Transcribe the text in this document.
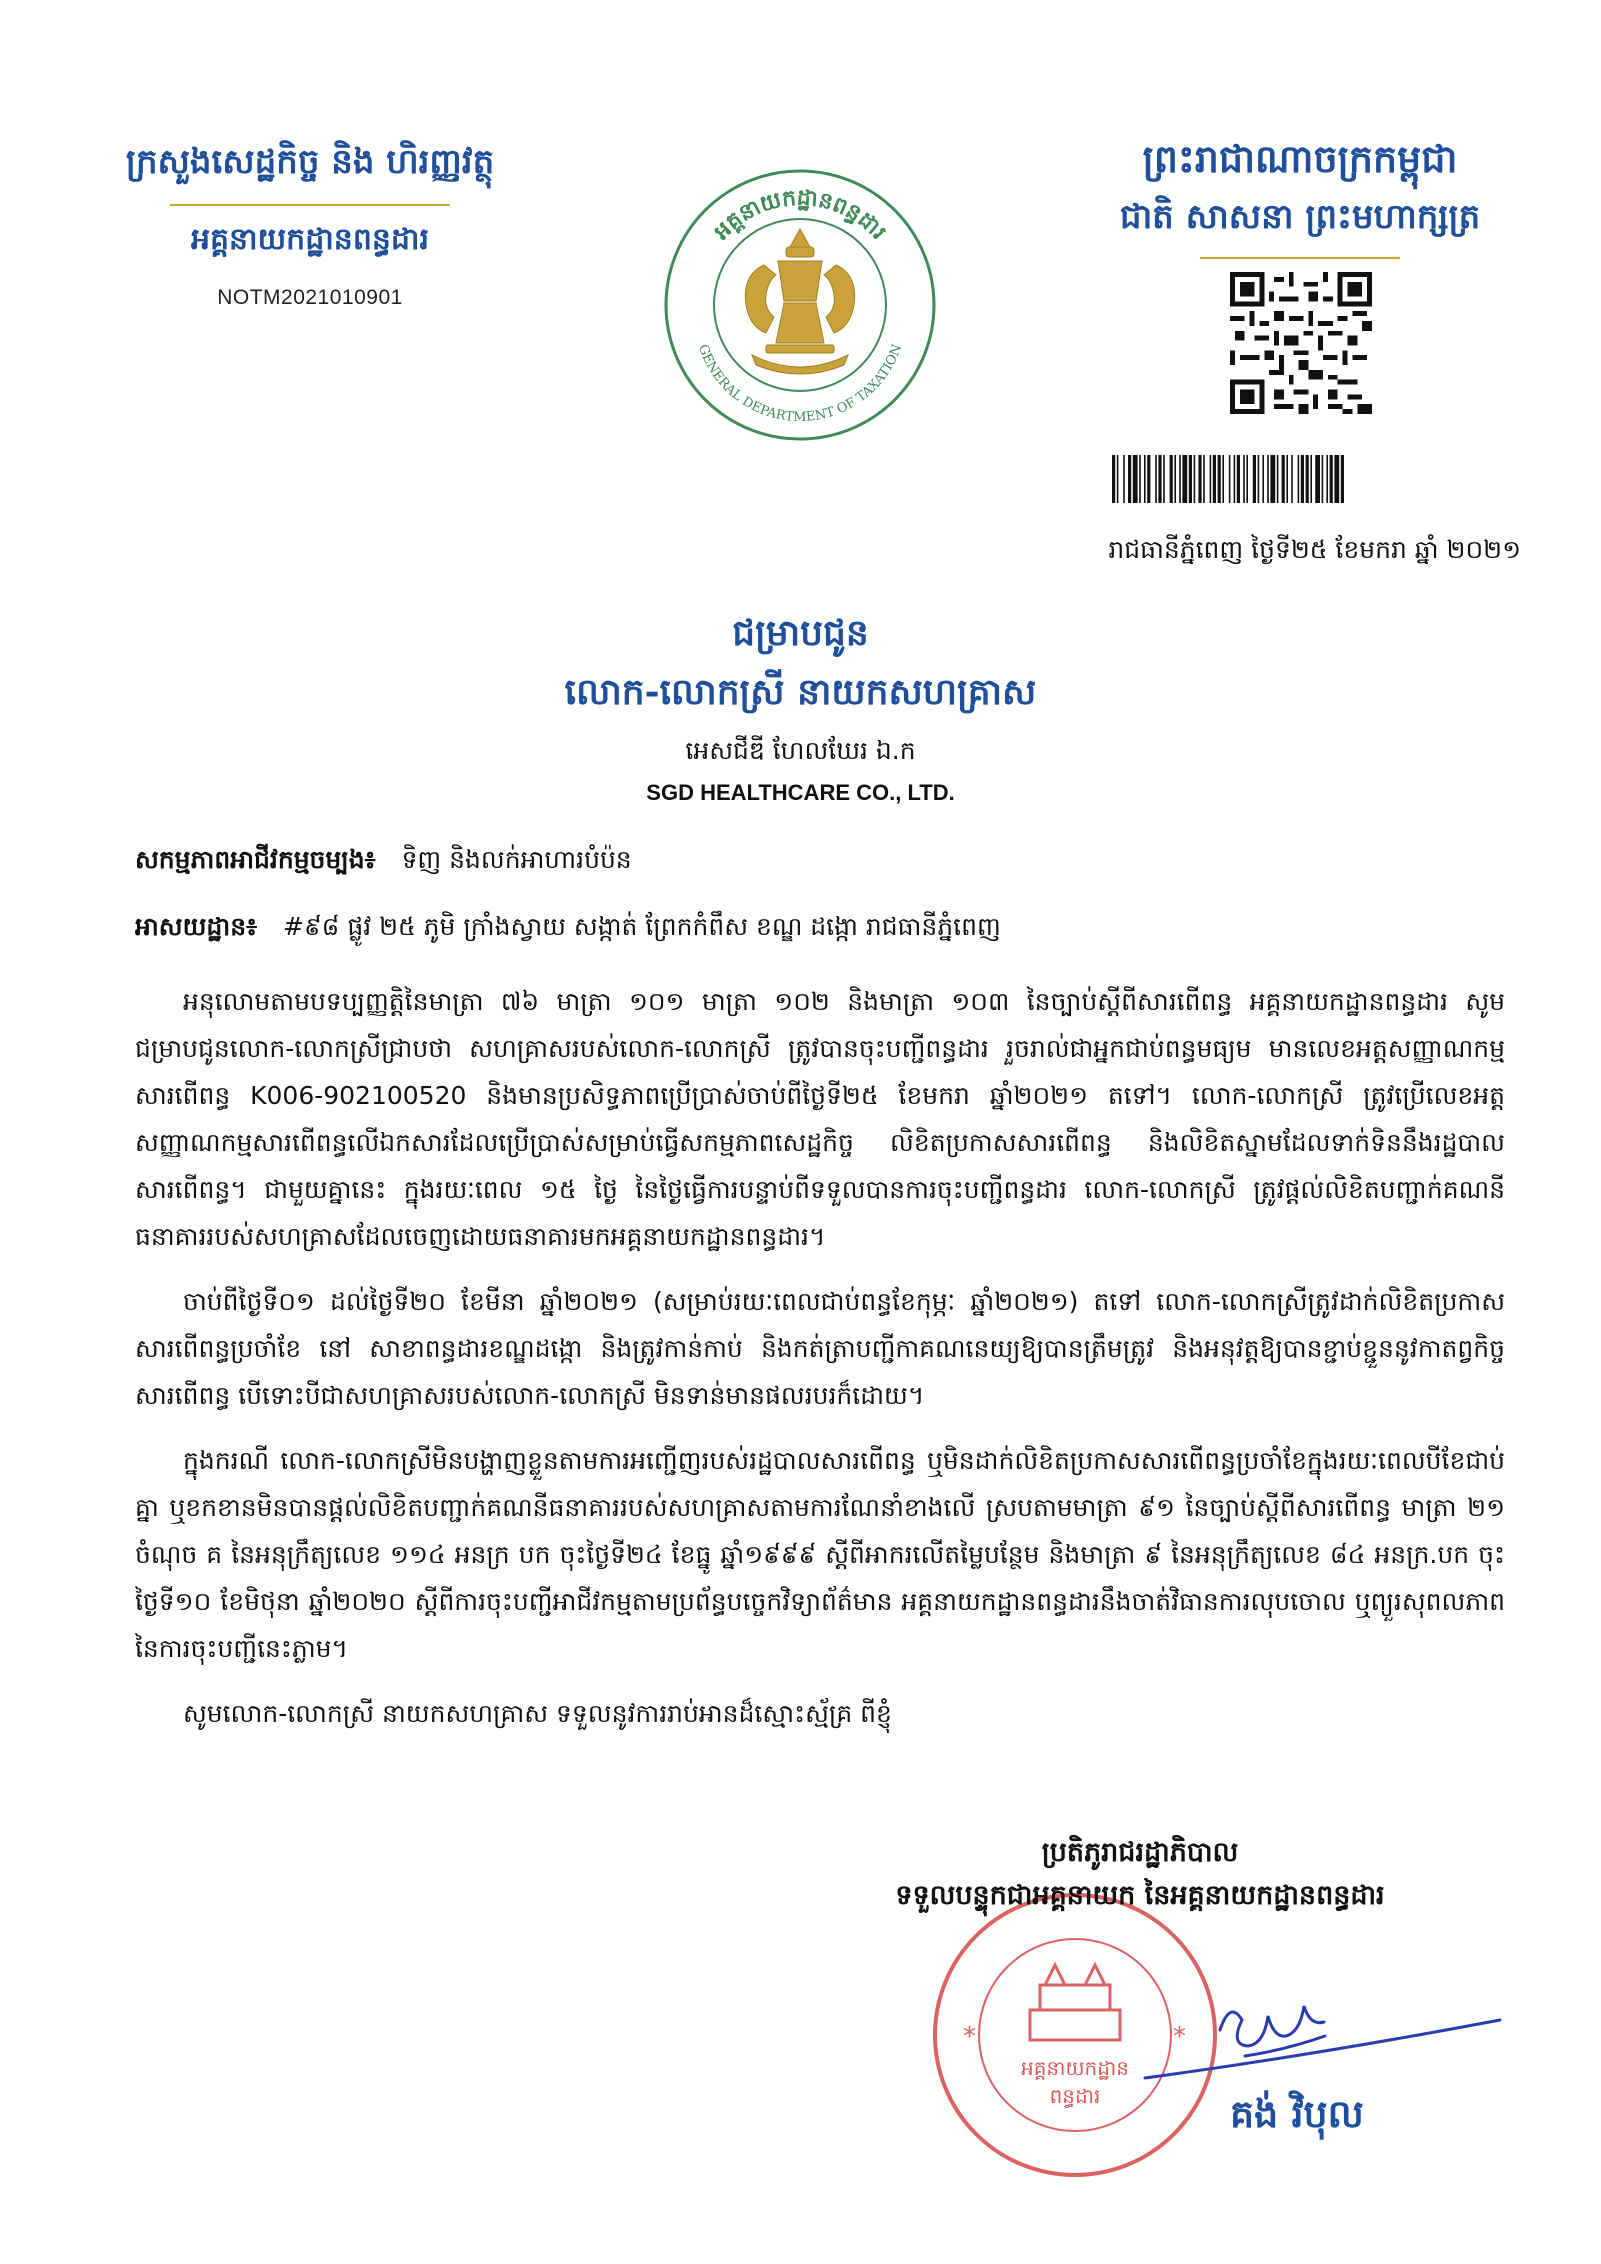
ក្រសួងសេដ្ឋកិច្ច និង ហិរញ្ញវត្ថុ
អគ្គនាយកដ្ឋានពន្ធដារ
NOTM2021010901
អគ្គនាយកដ្ឋានពន្ធដារ
GENERAL DEPARTMENT OF TAXATION
ព្រះរាជាណាចក្រកម្ពុជា
ជាតិ សាសនា ព្រះមហាក្សត្រ
រាជធានីភ្នំពេញ ថ្ងៃទី២៥ ខែមករា ឆ្នាំ ២០២១
ជម្រាបជូន
លោក-លោកស្រី នាយកសហគ្រាស
អេសជីឌី ហែលឃែរ ឯ.ក
SGD HEALTHCARE CO., LTD.
សកម្មភាពអាជីវកម្មចម្បង៖ ទិញ និងលក់អាហារបំប៉ន
អាសយដ្ឋាន៖ #៩៨ ផ្លូវ ២៥ ភូមិ ក្រាំងស្វាយ សង្កាត់ ព្រែកកំពឹស ខណ្ឌ ដង្កោ រាជធានីភ្នំពេញ

អនុលោមតាមបទប្បញ្ញត្តិនៃមាត្រា ៧៦ មាត្រា ១០១ មាត្រា ១០២ និងមាត្រា ១០៣ នៃច្បាប់ស្តីពីសារពើពន្ធ អគ្គនាយកដ្ឋានពន្ធដារ សូមជម្រាបជូនលោក-លោកស្រីជ្រាបថា សហគ្រាសរបស់លោក-លោកស្រី ត្រូវបានចុះបញ្ជីពន្ធដារ រួចរាល់ជាអ្នកជាប់ពន្ធមធ្យម មានលេខអត្តសញ្ញាណកម្មសារពើពន្ធ K006-902100520 និងមានប្រសិទ្ធភាពប្រើប្រាស់ចាប់ពីថ្ងៃទី២៥ ខែមករា ឆ្នាំ២០២១ តទៅ។ លោក-លោកស្រី ត្រូវប្រើលេខអត្តសញ្ញាណកម្មសារពើពន្ធលើឯកសារដែលប្រើប្រាស់សម្រាប់ធ្វើសកម្មភាពសេដ្ឋកិច្ច លិខិតប្រកាសសារពើពន្ធ និងលិខិតស្នាមដែលទាក់ទិននឹងរដ្ឋបាលសារពើពន្ធ។ ជាមួយគ្នានេះ ក្នុងរយៈពេល ១៥ ថ្ងៃ នៃថ្ងៃធ្វើការបន្ទាប់ពីទទួលបានការចុះបញ្ជីពន្ធដារ លោក-លោកស្រី ត្រូវផ្តល់លិខិតបញ្ជាក់គណនីធនាគាររបស់សហគ្រាសដែលចេញដោយធនាគារមកអគ្គនាយកដ្ឋានពន្ធដារ។

ចាប់ពីថ្ងៃទី០១ ដល់ថ្ងៃទី២០ ខែមីនា ឆ្នាំ២០២១ (សម្រាប់រយៈពេលជាប់ពន្ធខែកុម្ភៈ ឆ្នាំ២០២១) តទៅ លោក-លោកស្រីត្រូវដាក់លិខិតប្រកាសសារពើពន្ធប្រចាំខែ នៅ សាខាពន្ធដារខណ្ឌដង្កោ និងត្រូវកាន់កាប់ និងកត់ត្រាបញ្ជីកាគណនេយ្យឱ្យបានត្រឹមត្រូវ និងអនុវត្តឱ្យបានខ្ជាប់ខ្ជួននូវកាតព្វកិច្ចសារពើពន្ធ បើទោះបីជាសហគ្រាសរបស់លោក-លោកស្រី មិនទាន់មានផលរបរក៏ដោយ។

ក្នុងករណី លោក-លោកស្រីមិនបង្ហាញខ្លួនតាមការអញ្ជើញរបស់រដ្ឋបាលសារពើពន្ធ ឬមិនដាក់លិខិតប្រកាសសារពើពន្ធប្រចាំខែក្នុងរយៈពេលបីខែជាប់គ្នា ឬខកខានមិនបានផ្តល់លិខិតបញ្ជាក់គណនីធនាគាររបស់សហគ្រាសតាមការណែនាំខាងលើ ស្របតាមមាត្រា ៩១ នៃច្បាប់ស្តីពីសារពើពន្ធ មាត្រា ២១ ចំណុច គ នៃអនុក្រឹត្យលេខ ១១៤ អនក្រ បក ចុះថ្ងៃទី២៤ ខែធ្នូ ឆ្នាំ១៩៩៩ ស្តីពីអាករលើតម្លៃបន្ថែម និងមាត្រា ៩ នៃអនុក្រឹត្យលេខ ៨៤ អនក្រ.បក ចុះថ្ងៃទី១០ ខែមិថុនា ឆ្នាំ២០២០ ស្តីពីការចុះបញ្ជីអាជីវកម្មតាមប្រព័ន្ធបច្ចេកវិទ្យាព័ត៌មាន អគ្គនាយកដ្ឋានពន្ធដារនឹងចាត់វិធានការលុបចោល ឬព្យួរសុពលភាពនៃការចុះបញ្ជីនេះភ្លាម។

សូមលោក-លោកស្រី នាយកសហគ្រាស ទទួលនូវការរាប់អានដ៏ស្មោះស្ម័គ្រ ពីខ្ញុំ

អគ្គនាយកដ្ឋាន
ពន្ធដារ
*	*
ប្រតិភូរាជរដ្ឋាភិបាល
ទទួលបន្ទុកជាអគ្គនាយក នៃអគ្គនាយកដ្ឋានពន្ធដារ
គង់ វិបុល
